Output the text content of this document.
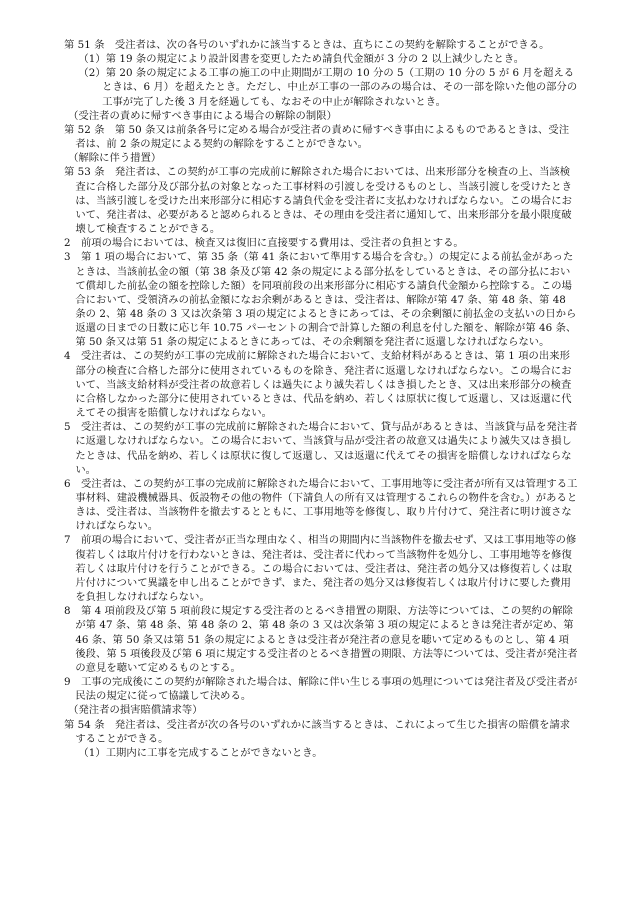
第 51 条　受注者は、次の各号のいずれかに該当するときは、直ちにこの契約を解除することができる。

（1）第 19 条の規定により設計図書を変更したため請負代金額が 3 分の 2 以上減少したとき。

（2）第 20 条の規定による工事の施工の中止期間が工期の 10 分の 5（工期の 10 分の 5 が 6 月を超えるときは、6 月）を超えたとき。ただし、中止が工事の一部のみの場合は、その一部を除いた他の部分の工事が完了した後 3 月を経過しても、なおその中止が解除されないとき。

（受注者の責めに帰すべき事由による場合の解除の制限）

第 52 条　第 50 条又は前条各号に定める場合が受注者の責めに帰すべき事由によるものであるときは、受注者は、前 2 条の規定による契約の解除をすることができない。

（解除に伴う措置）

第 53 条　発注者は、この契約が工事の完成前に解除された場合においては、出来形部分を検査の上、当該検査に合格した部分及び部分払の対象となった工事材料の引渡しを受けるものとし、当該引渡しを受けたときは、当該引渡しを受けた出来形部分に相応する請負代金を受注者に支払わなければならない。この場合において、発注者は、必要があると認められるときは、その理由を受注者に通知して、出来形部分を最小限度破壊して検査することができる。

2　前項の場合においては、検査又は復旧に直接要する費用は、受注者の負担とする。

3　第 1 項の場合において、第 35 条（第 41 条において準用する場合を含む。）の規定による前払金があったときは、当該前払金の額（第 38 条及び第 42 条の規定による部分払をしているときは、その部分払において償却した前払金の額を控除した額）を同項前段の出来形部分に相応する請負代金額から控除する。この場合において、受領済みの前払金額になお余剰があるときは、受注者は、解除が第 47 条、第 48 条、第 48 条の 2、第 48 条の 3 又は次条第 3 項の規定によるときにあっては、その余剰額に前払金の支払いの日から返還の日までの日数に応じ年 10.75 パーセントの割合で計算した額の利息を付した額を、解除が第 46 条、第 50 条又は第 51 条の規定によるときにあっては、その余剰額を発注者に返還しなければならない。

4　受注者は、この契約が工事の完成前に解除された場合において、支給材料があるときは、第 1 項の出来形部分の検査に合格した部分に使用されているものを除き、発注者に返還しなければならない。この場合において、当該支給材料が受注者の故意若しくは過失により滅失若しくはき損したとき、又は出来形部分の検査に合格しなかった部分に使用されているときは、代品を納め、若しくは原状に復して返還し、又は返還に代えてその損害を賠償しなければならない。

5　受注者は、この契約が工事の完成前に解除された場合において、貸与品があるときは、当該貸与品を発注者に返還しなければならない。この場合において、当該貸与品が受注者の故意又は過失により滅失又はき損したときは、代品を納め、若しくは原状に復して返還し、又は返還に代えてその損害を賠償しなければならない。

6　受注者は、この契約が工事の完成前に解除された場合において、工事用地等に受注者が所有又は管理する工事材料、建設機械器具、仮設物その他の物件（下請負人の所有又は管理するこれらの物件を含む。）があるときは、受注者は、当該物件を撤去するとともに、工事用地等を修復し、取り片付けて、発注者に明け渡さなければならない。

7　前項の場合において、受注者が正当な理由なく、相当の期間内に当該物件を撤去せず、又は工事用地等の修復若しくは取片付けを行わないときは、発注者は、受注者に代わって当該物件を処分し、工事用地等を修復若しくは取片付けを行うことができる。この場合においては、受注者は、発注者の処分又は修復若しくは取片付けについて異議を申し出ることができず、また、発注者の処分又は修復若しくは取片付けに要した費用を負担しなければならない。

8　第 4 項前段及び第 5 項前段に規定する受注者のとるべき措置の期限、方法等については、この契約の解除が第 47 条、第 48 条、第 48 条の 2、第 48 条の 3 又は次条第 3 項の規定によるときは発注者が定め、第 46 条、第 50 条又は第 51 条の規定によるときは受注者が発注者の意見を聴いて定めるものとし、第 4 項後段、第 5 項後段及び第 6 項に規定する受注者のとるべき措置の期限、方法等については、受注者が発注者の意見を聴いて定めるものとする。

9　工事の完成後にこの契約が解除された場合は、解除に伴い生じる事項の処理については発注者及び受注者が民法の規定に従って協議して決める。

（発注者の損害賠償請求等）

第 54 条　発注者は、受注者が次の各号のいずれかに該当するときは、これによって生じた損害の賠償を請求することができる。

（1）工期内に工事を完成することができないとき。
